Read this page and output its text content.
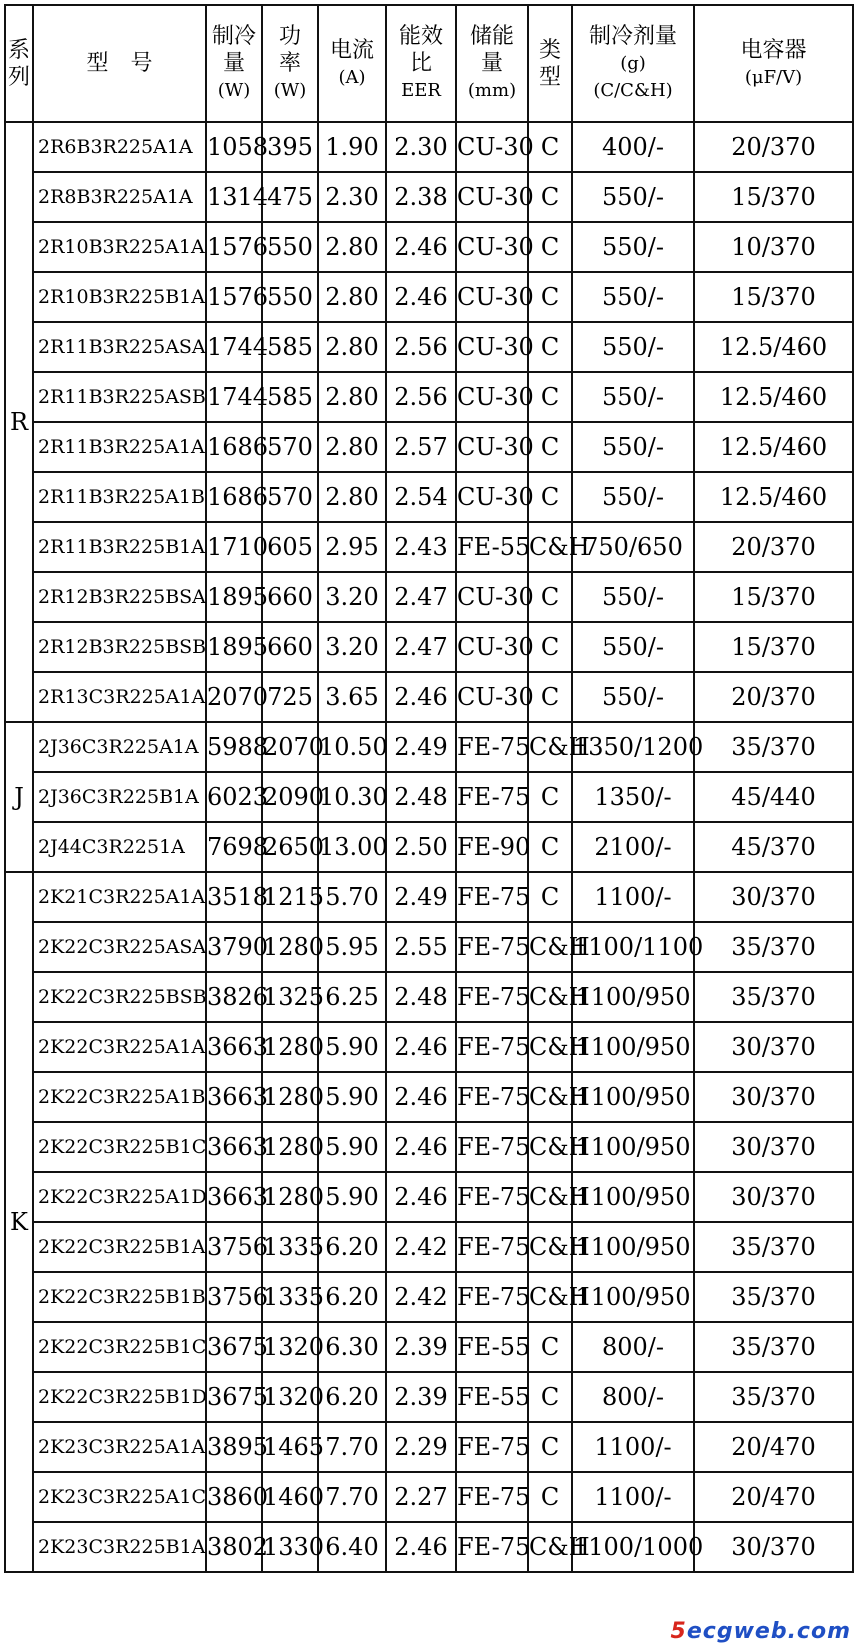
系
列	型　号	制冷
量
(W)	功
率
(W)	电流
(A)	能效
比
EER	储能
量
(mm)	类
型	制冷剂量
(g)
(C/C&H)	电容器
(μF/V)

R	2R6B3R225A1A	1058	395	1.90	2.30	CU-30	C	400/-	20/370
	2R8B3R225A1A	1314	475	2.30	2.38	CU-30	C	550/-	15/370
	2R10B3R225A1A	1576	550	2.80	2.46	CU-30	C	550/-	10/370
	2R10B3R225B1A	1576	550	2.80	2.46	CU-30	C	550/-	15/370
	2R11B3R225ASA	1744	585	2.80	2.56	CU-30	C	550/-	12.5/460
	2R11B3R225ASB	1744	585	2.80	2.56	CU-30	C	550/-	12.5/460
	2R11B3R225A1A	1686	570	2.80	2.57	CU-30	C	550/-	12.5/460
	2R11B3R225A1B	1686	570	2.80	2.54	CU-30	C	550/-	12.5/460
	2R11B3R225B1A	1710	605	2.95	2.43	FE-55	C&H	750/650	20/370
	2R12B3R225BSA	1895	660	3.20	2.47	CU-30	C	550/-	15/370
	2R12B3R225BSB	1895	660	3.20	2.47	CU-30	C	550/-	15/370
	2R13C3R225A1A	2070	725	3.65	2.46	CU-30	C	550/-	20/370
J	2J36C3R225A1A	5988	2070	10.50	2.49	FE-75	C&H	1350/1200	35/370
	2J36C3R225B1A	6023	2090	10.30	2.48	FE-75	C	1350/-	45/440
	2J44C3R2251A	7698	2650	13.00	2.50	FE-90	C	2100/-	45/370
K	2K21C3R225A1A	3518	1215	5.70	2.49	FE-75	C	1100/-	30/370
	2K22C3R225ASA	3790	1280	5.95	2.55	FE-75	C&H	1100/1100	35/370
	2K22C3R225BSB	3826	1325	6.25	2.48	FE-75	C&H	1100/950	35/370
	2K22C3R225A1A	3663	1280	5.90	2.46	FE-75	C&H	1100/950	30/370
	2K22C3R225A1B	3663	1280	5.90	2.46	FE-75	C&H	1100/950	30/370
	2K22C3R225B1C	3663	1280	5.90	2.46	FE-75	C&H	1100/950	30/370
	2K22C3R225A1D	3663	1280	5.90	2.46	FE-75	C&H	1100/950	30/370
	2K22C3R225B1A	3756	1335	6.20	2.42	FE-75	C&H	1100/950	35/370
	2K22C3R225B1B	3756	1335	6.20	2.42	FE-75	C&H	1100/950	35/370
	2K22C3R225B1C	3675	1320	6.30	2.39	FE-55	C	800/-	35/370
	2K22C3R225B1D	3675	1320	6.20	2.39	FE-55	C	800/-	35/370
	2K23C3R225A1A	3895	1465	7.70	2.29	FE-75	C	1100/-	20/470
	2K23C3R225A1C	3860	1460	7.70	2.27	FE-75	C	1100/-	20/470
	2K23C3R225B1A	3802	1330	6.40	2.46	FE-75	C&H	1100/1000	30/370
5ecgweb.com
